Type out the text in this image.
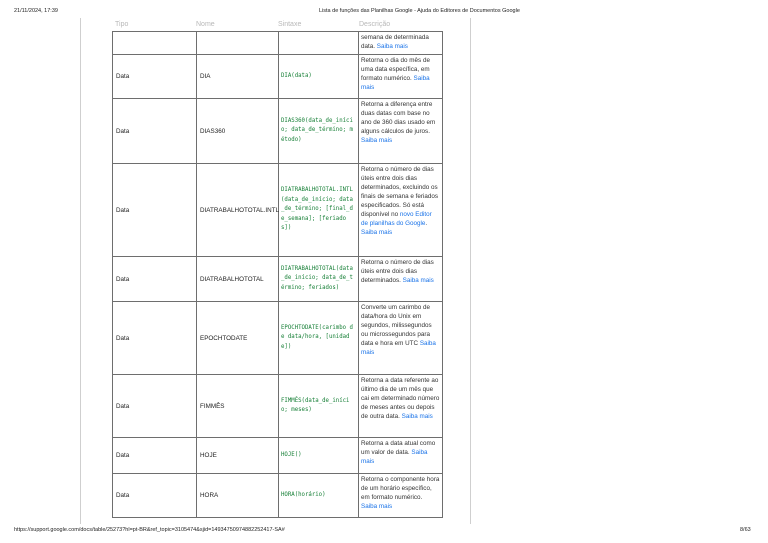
21/11/2024, 17:39	Lista de funções das Planilhas Google - Ajuda do Editores de Documentos Google
Tipo	Nome	Sintaxe	Descrição
			semana de determinada data. Saiba mais
Data	DIA	DIA(data)	Retorna o dia do mês de uma data específica, em formato numérico. Saiba mais
Data	DIAS360	DIAS360(data_de_início; data_de_término; método)	Retorna a diferença entre duas datas com base no ano de 360 dias usado em alguns cálculos de juros. Saiba mais
Data	DIATRABALHOTOTAL.INTL	DIATRABALHOTOTAL.INTL(data_de_início; data_de_término; [final_de_semana]; [feriados])	Retorna o número de dias úteis entre dois dias determinados, excluindo os finais de semana e feriados especificados. Só está disponível no novo Editor de planilhas do Google. Saiba mais
Data	DIATRABALHOTOTAL	DIATRABALHOTOTAL(data_de_início; data_de_término; feriados)	Retorna o número de dias úteis entre dois dias determinados. Saiba mais
Data	EPOCHTODATE	EPOCHTODATE(carimbo de data/hora, [unidade])	Converte um carimbo de data/hora do Unix em segundos, milissegundos ou microssegundos para data e hora em UTC Saiba mais
Data	FIMMÊS	FIMMÊS(data_de_início; meses)	Retorna a data referente ao último dia de um mês que cai em determinado número de meses antes ou depois de outra data. Saiba mais
Data	HOJE	HOJE()	Retorna a data atual como um valor de data. Saiba mais
Data	HORA	HORA(horário)	Retorna o componente hora de um horário específico, em formato numérico. Saiba mais
https://support.google.com/docs/table/25273?hl=pt-BR&ref_topic=3105474&sjid=14934750974882252417-SA#	8/63
